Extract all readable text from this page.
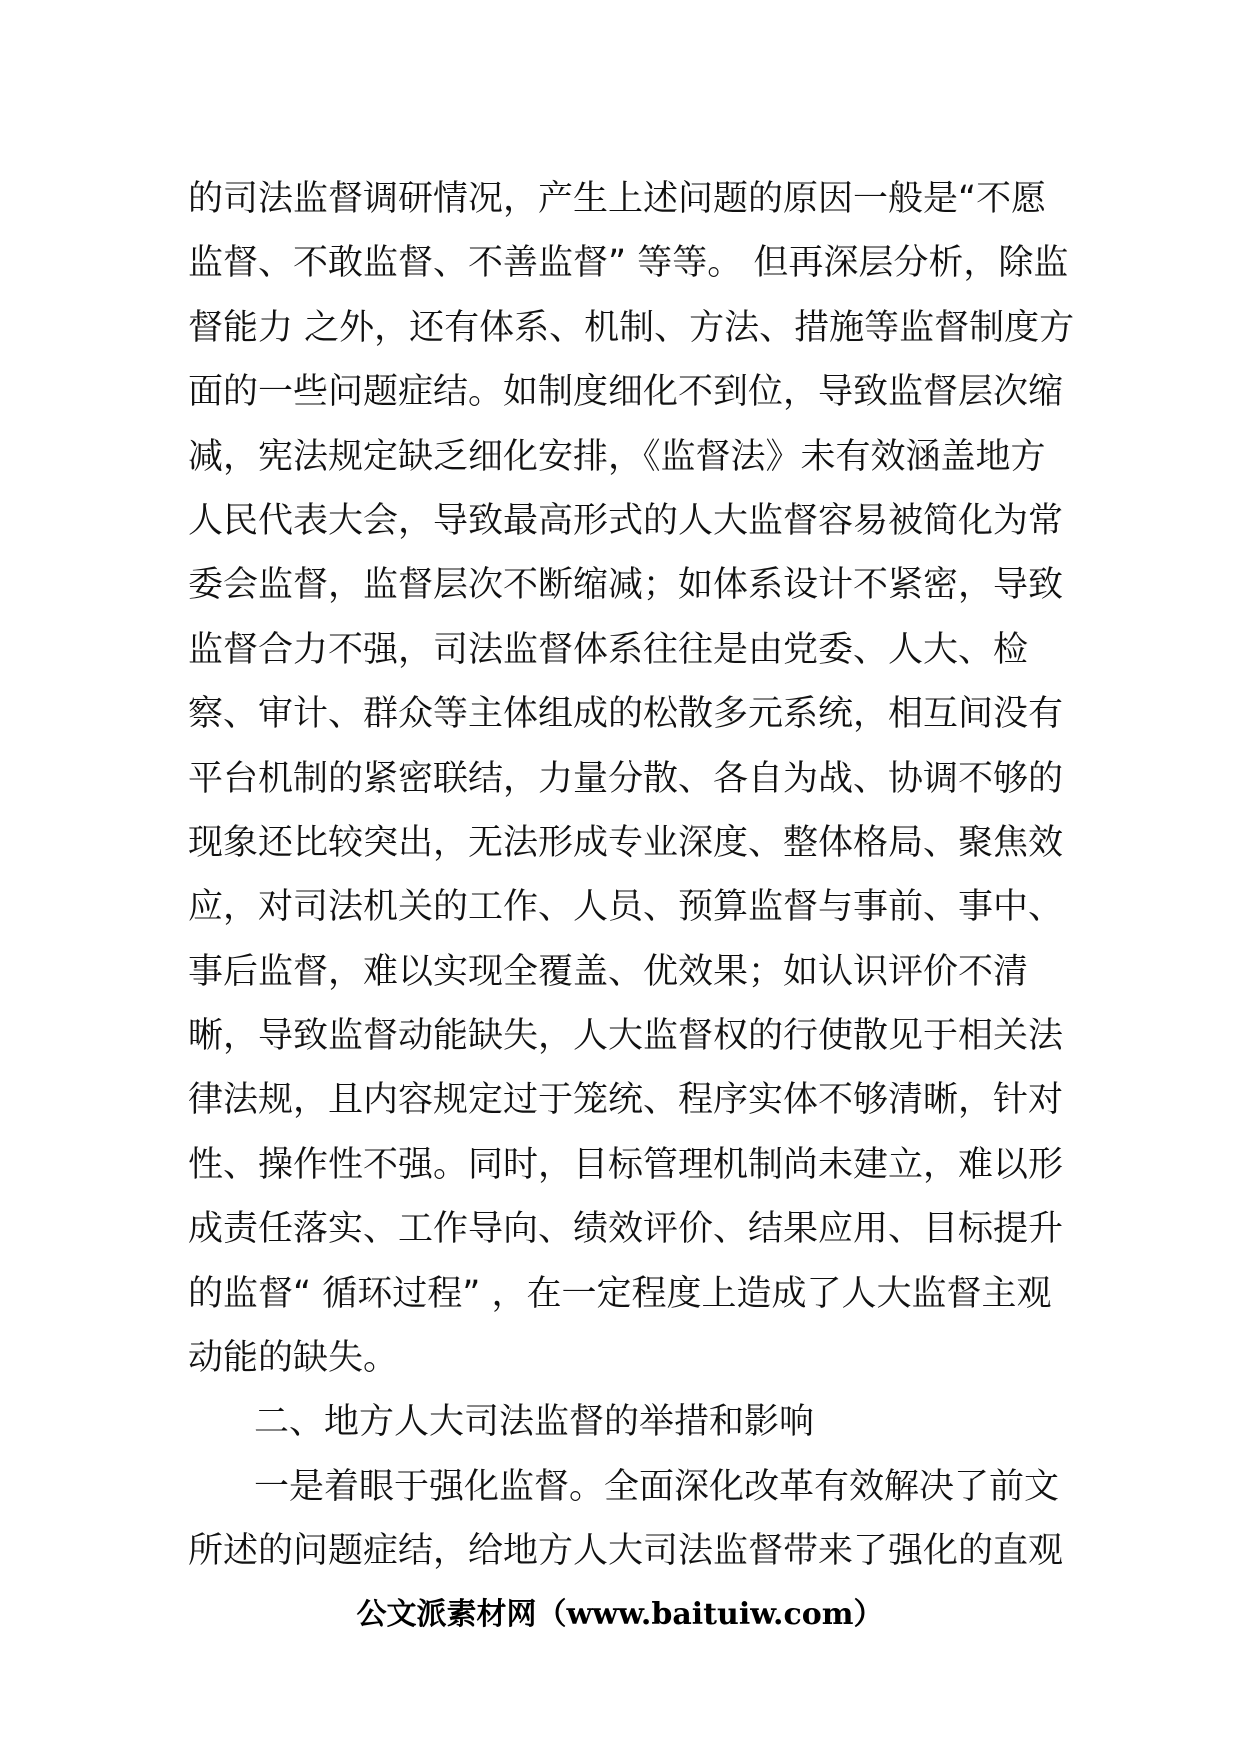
的司法监督调研情况，产生上述问题的原因一般是“不愿
监督、不敢监督、不善监督” 等等。 但再深层分析，除监
督能力 之外，还有体系、机制、方法、措施等监督制度方
面的一些问题症结。如制度细化不到位，导致监督层次缩
减，宪法规定缺乏细化安排，《监督法》未有效涵盖地方
人民代表大会，导致最高形式的人大监督容易被简化为常
委会监督，监督层次不断缩减；如体系设计不紧密，导致
监督合力不强，司法监督体系往往是由党委、人大、检
察、审计、群众等主体组成的松散多元系统，相互间没有
平台机制的紧密联结，力量分散、各自为战、协调不够的
现象还比较突出，无法形成专业深度、整体格局、聚焦效
应，对司法机关的工作、人员、预算监督与事前、事中、
事后监督，难以实现全覆盖、优效果；如认识评价不清
晰，导致监督动能缺失，人大监督权的行使散见于相关法
律法规，且内容规定过于笼统、程序实体不够清晰，针对
性、操作性不强。同时，目标管理机制尚未建立，难以形
成责任落实、工作导向、绩效评价、结果应用、目标提升
的监督“ 循环过程” ，在一定程度上造成了人大监督主观
动能的缺失。
二、地方人大司法监督的举措和影响
一是着眼于强化监督。全面深化改革有效解决了前文
所述的问题症结，给地方人大司法监督带来了强化的直观
公文派素材网（www.baituiw.com）
